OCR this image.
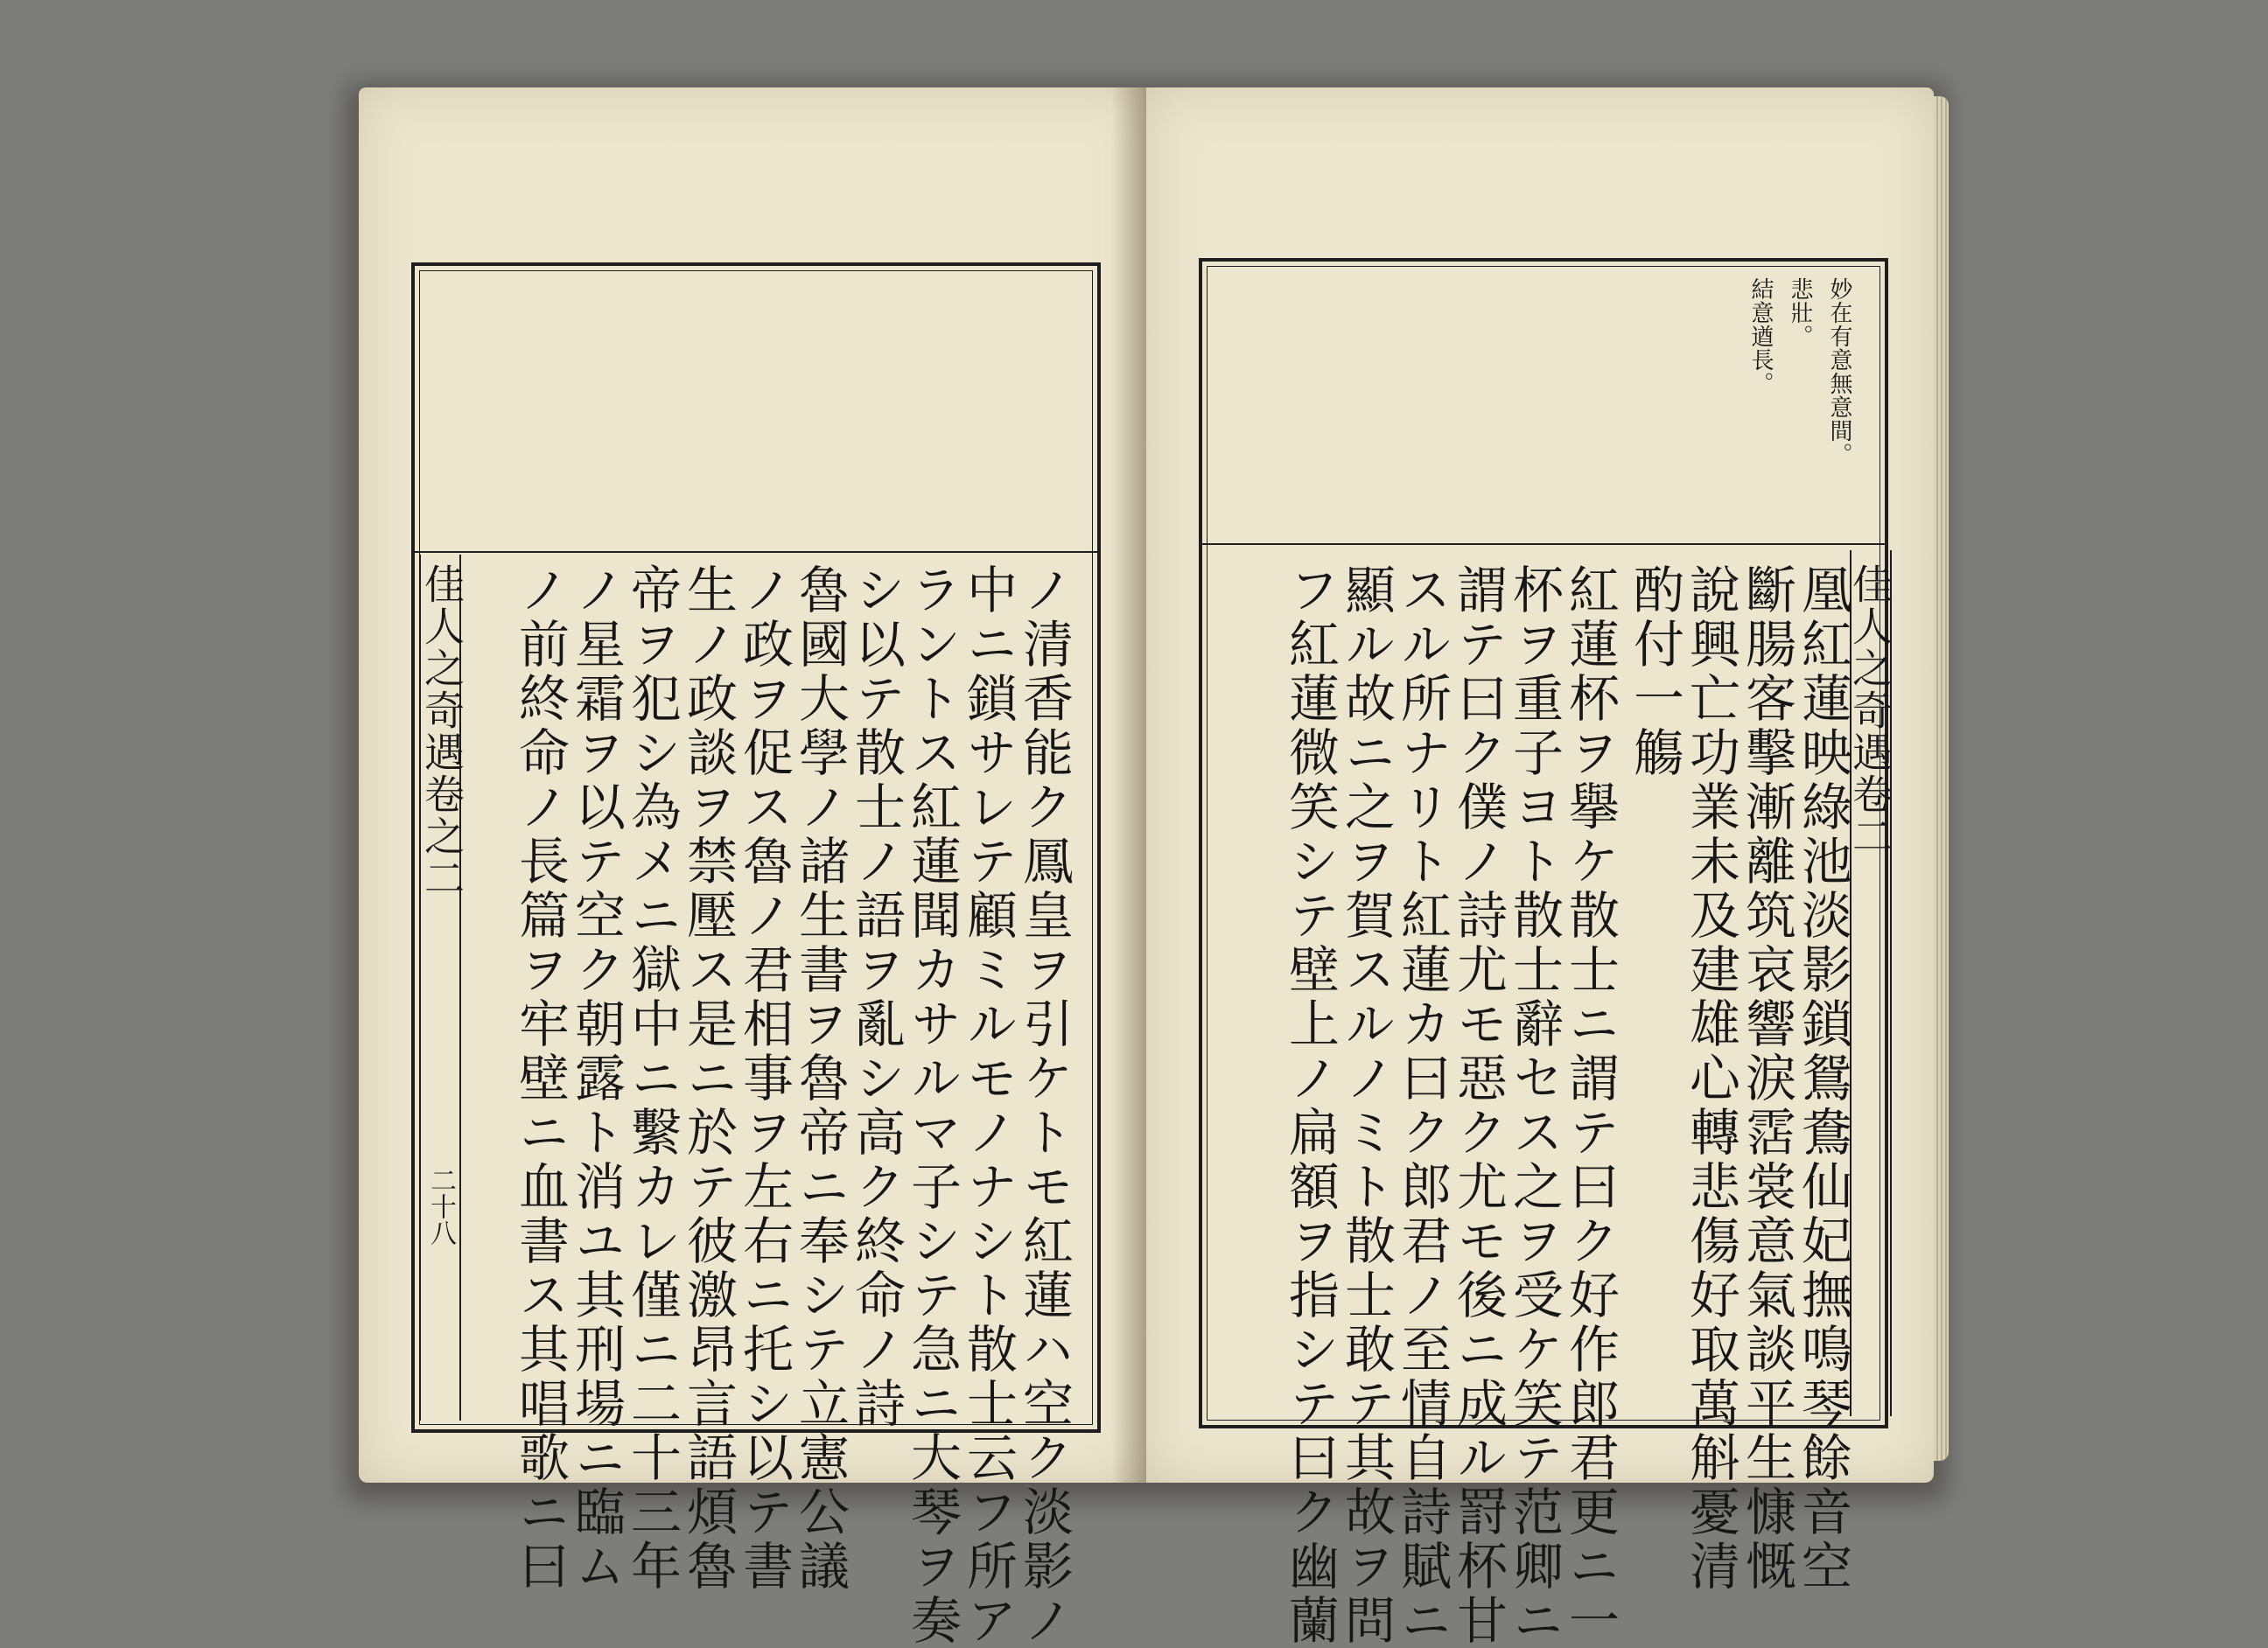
佳人之奇遇卷之二
二十八	ノ清香能ク鳳皇ヲ引ケトモ紅蓮ハ空ク淡影ノ
中ニ鎖サレテ顧ミルモノナシト散士云フ所ア
ラントス紅蓮聞カサルマ子シテ急ニ大琴ヲ奏
シ以テ散士ノ語ヲ亂シ高ク終命ノ詩
魯國大學ノ諸生書ヲ魯帝ニ奉シテ立憲公議
ノ政ヲ促ス魯ノ君相事ヲ左右ニ托シ以テ書
生ノ政談ヲ禁壓ス是ニ於テ彼激昂言語煩魯
帝ヲ犯シ為メニ獄中ニ繫カレ僅ニ二十三年
ノ星霜ヲ以テ空ク朝露ト消ユ其刑場ニ臨ム
ノ前終命ノ長篇ヲ牢壁ニ血書ス其唱歌ニ曰	佳人之奇遇卷二
妙在有意無意間。
悲壯。
結意遒長。
凰紅蓮映綠池淡影鎖鴛鴦仙妃撫鳴琴餘音空
斷腸客擊漸離筑哀響淚霑裳意氣談平生慷慨
說興亡功業未及建雄心轉悲傷好取萬斛憂清
酌付一觴
紅蓮杯ヲ擧ケ散士ニ謂テ曰ク好作郎君更ニ一
杯ヲ重子ヨト散士辭セス之ヲ受ケ笑テ范卿ニ
謂テ曰ク僕ノ詩尤モ惡ク尤モ後ニ成ル罸杯甘
スル所ナリト紅蓮カ曰ク郎君ノ至情自詩賦ニ
顯ル故ニ之ヲ賀スルノミト散士敢テ其故ヲ問
フ紅蓮微笑シテ壁上ノ扁額ヲ指シテ曰ク幽蘭
